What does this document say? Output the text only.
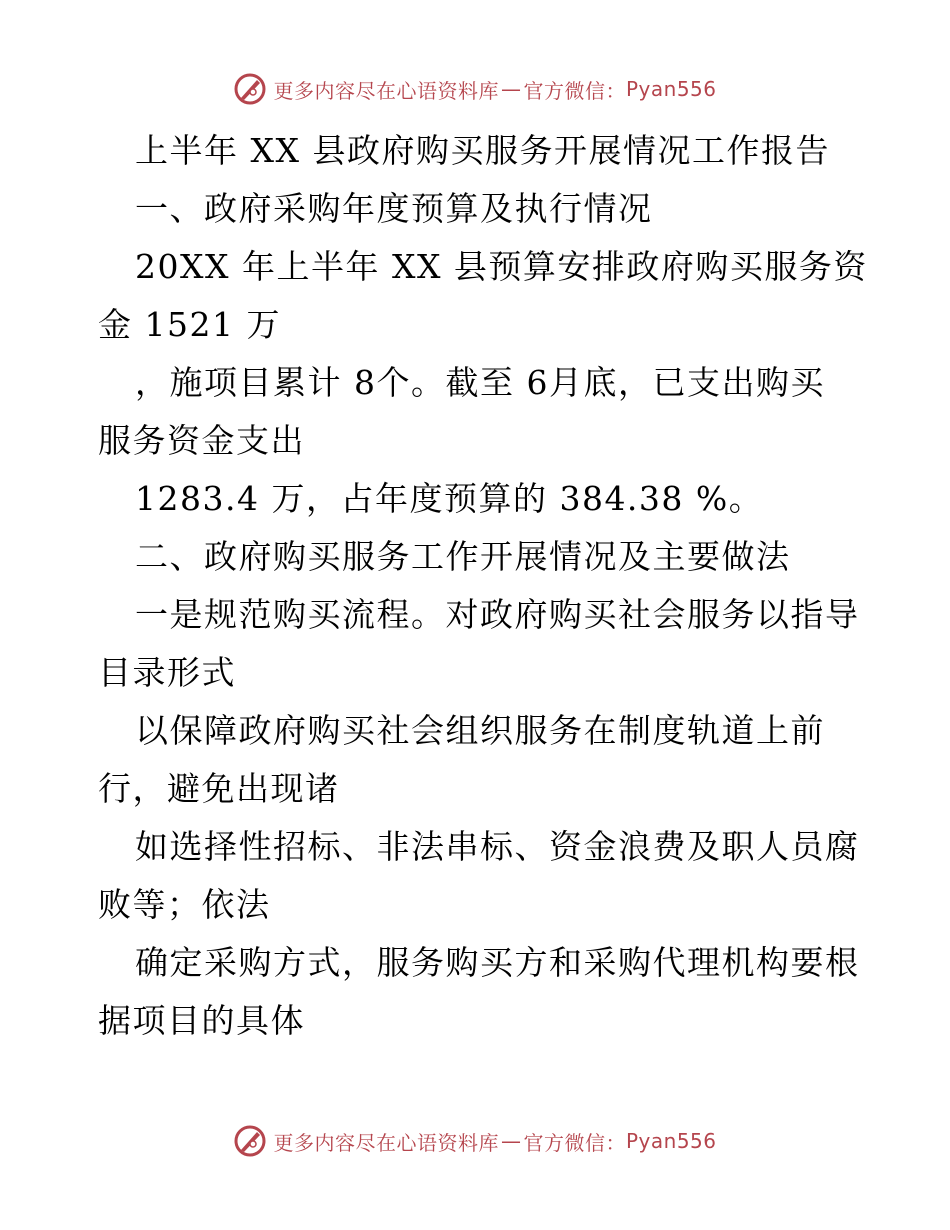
更多内容尽在心语资料库 — 官方微信： Pyan556
上半年 XX 县政府购买服务开展情况工作报告
一、政府采购年度预算及执行情况
20XX 年上半年 XX 县预算安排政府购买服务资
金 1521 万
，施项目累计 8个。截至 6月底，已支出购买
服务资金支出
1283.4 万，占年度预算的 384.38 %。
二、政府购买服务工作开展情况及主要做法
一是规范购买流程。对政府购买社会服务以指导
目录形式
以保障政府购买社会组织服务在制度轨道上前
行，避免出现诸
如选择性招标、非法串标、资金浪费及职人员腐
败等；依法
确定采购方式，服务购买方和采购代理机构要根
据项目的具体
更多内容尽在心语资料库 — 官方微信： Pyan556
